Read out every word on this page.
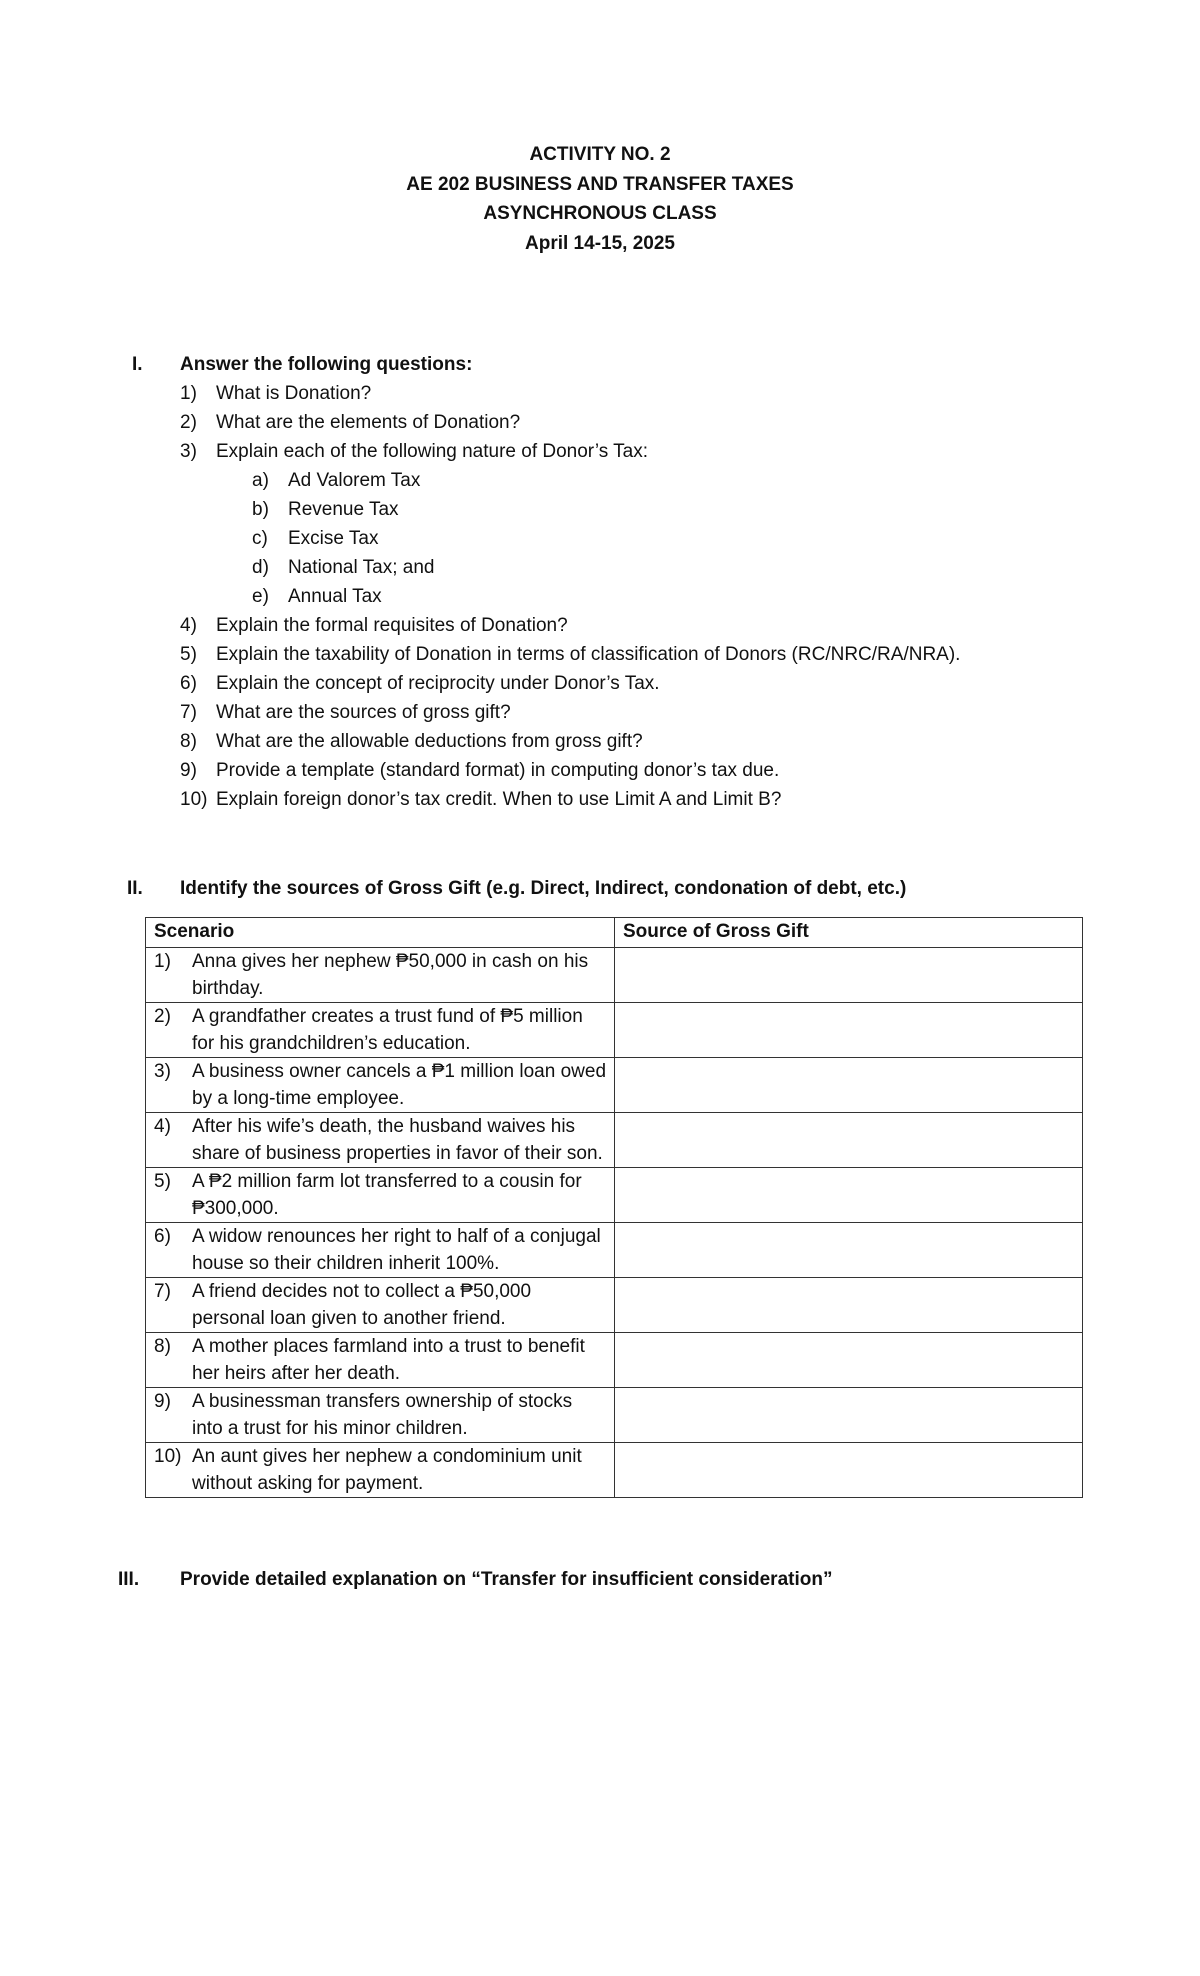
ACTIVITY NO. 2
AE 202 BUSINESS AND TRANSFER TAXES
ASYNCHRONOUS CLASS
April 14-15, 2025
I. Answer the following questions:
1) What is Donation?
2) What are the elements of Donation?
3) Explain each of the following nature of Donor’s Tax:
a) Ad Valorem Tax
b) Revenue Tax
c) Excise Tax
d) National Tax; and
e) Annual Tax
4) Explain the formal requisites of Donation?
5) Explain the taxability of Donation in terms of classification of Donors (RC/NRC/RA/NRA).
6) Explain the concept of reciprocity under Donor’s Tax.
7) What are the sources of gross gift?
8) What are the allowable deductions from gross gift?
9) Provide a template (standard format) in computing donor’s tax due.
10) Explain foreign donor’s tax credit. When to use Limit A and Limit B?
II. Identify the sources of Gross Gift (e.g. Direct, Indirect, condonation of debt, etc.)
Scenario	Source of Gross Gift

1) Anna gives her nephew ₱50,000 in cash on his birthday.	

2) A grandfather creates a trust fund of ₱5 million for his grandchildren’s education.	

3) A business owner cancels a ₱1 million loan owed by a long-time employee.	

4) After his wife’s death, the husband waives his share of business properties in favor of their son.	

5) A ₱2 million farm lot transferred to a cousin for ₱300,000.	

6) A widow renounces her right to half of a conjugal house so their children inherit 100%.	

7) A friend decides not to collect a ₱50,000 personal loan given to another friend.	

8) A mother places farmland into a trust to benefit her heirs after her death.	

9) A businessman transfers ownership of stocks into a trust for his minor children.	

10) An aunt gives her nephew a condominium unit without asking for payment.	

III. Provide detailed explanation on “Transfer for insufficient consideration”
